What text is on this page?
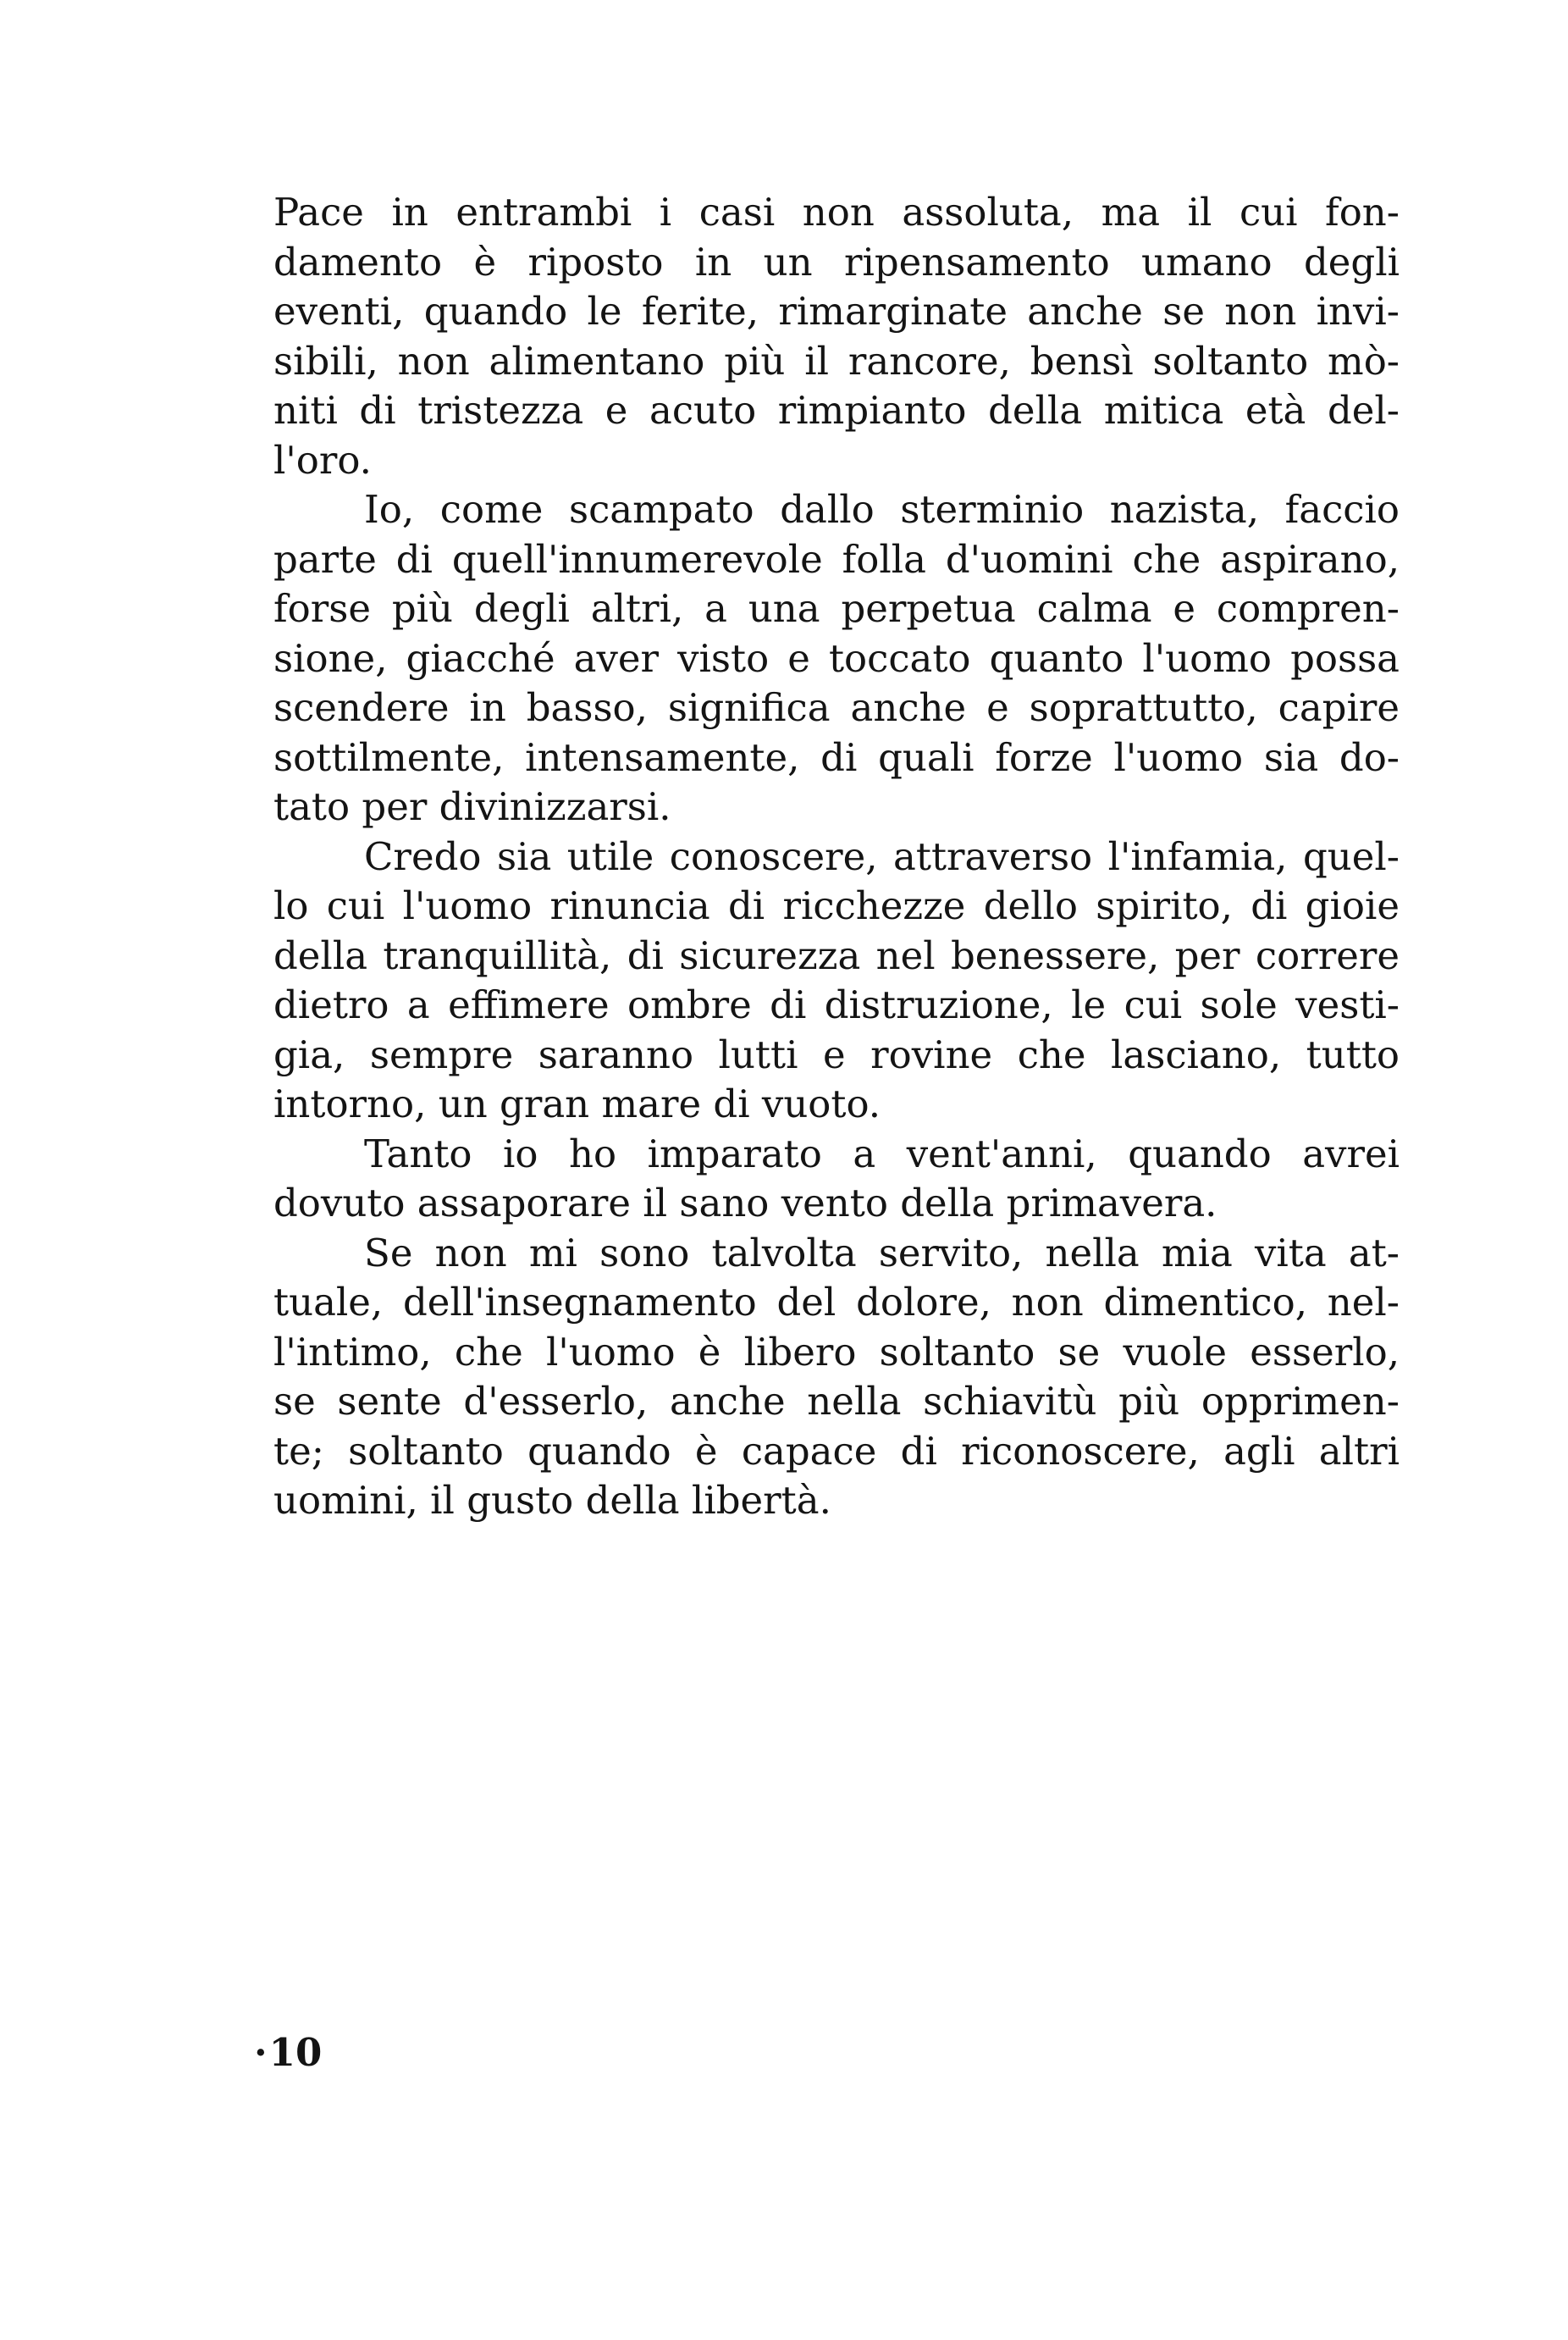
Pace in entrambi i casi non assoluta, ma il cui fon-
damento è riposto in un ripensamento umano degli
eventi, quando le ferite, rimarginate anche se non invi-
sibili, non alimentano più il rancore, bensì soltanto mò-
niti di tristezza e acuto rimpianto della mitica età del-
l'oro.
Io, come scampato dallo sterminio nazista, faccio
parte di quell'innumerevole folla d'uomini che aspirano,
forse più degli altri, a una perpetua calma e compren-
sione, giacché aver visto e toccato quanto l'uomo possa
scendere in basso, significa anche e soprattutto, capire
sottilmente, intensamente, di quali forze l'uomo sia do-
tato per divinizzarsi.
Credo sia utile conoscere, attraverso l'infamia, quel-
lo cui l'uomo rinuncia di ricchezze dello spirito, di gioie
della tranquillità, di sicurezza nel benessere, per correre
dietro a effimere ombre di distruzione, le cui sole vesti-
gia, sempre saranno lutti e rovine che lasciano, tutto
intorno, un gran mare di vuoto.
Tanto io ho imparato a vent'anni, quando avrei
dovuto assaporare il sano vento della primavera.
Se non mi sono talvolta servito, nella mia vita at-
tuale, dell'insegnamento del dolore, non dimentico, nel-
l'intimo, che l'uomo è libero soltanto se vuole esserlo,
se sente d'esserlo, anche nella schiavitù più opprimen-
te; soltanto quando è capace di riconoscere, agli altri
uomini, il gusto della libertà.
·10
